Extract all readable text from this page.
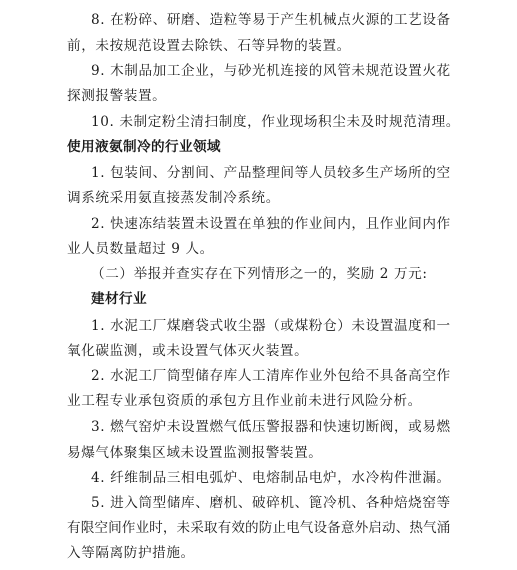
8. 在粉碎、研磨、造粒等易于产生机械点火源的工艺设备
前，未按规范设置去除铁、石等异物的装置。
9. 木制品加工企业，与砂光机连接的风管未规范设置火花
探测报警装置。
10. 未制定粉尘清扫制度，作业现场积尘未及时规范清理。
使用液氨制冷的行业领域
1. 包装间、分割间、产品整理间等人员较多生产场所的空
调系统采用氨直接蒸发制冷系统。
2. 快速冻结装置未设置在单独的作业间内，且作业间内作
业人员数量超过 9 人。
（二）举报并查实存在下列情形之一的，奖励 2 万元:
建材行业
1. 水泥工厂煤磨袋式收尘器（或煤粉仓）未设置温度和一
氧化碳监测，或未设置气体灭火装置。
2. 水泥工厂筒型储存库人工清库作业外包给不具备高空作
业工程专业承包资质的承包方且作业前未进行风险分析。
3. 燃气窑炉未设置燃气低压警报器和快速切断阀，或易燃
易爆气体聚集区域未设置监测报警装置。
4. 纤维制品三相电弧炉、电熔制品电炉，水冷构件泄漏。
5. 进入筒型储库、磨机、破碎机、篦冷机、各种焙烧窑等
有限空间作业时，未采取有效的防止电气设备意外启动、热气涌
入等隔离防护措施。
